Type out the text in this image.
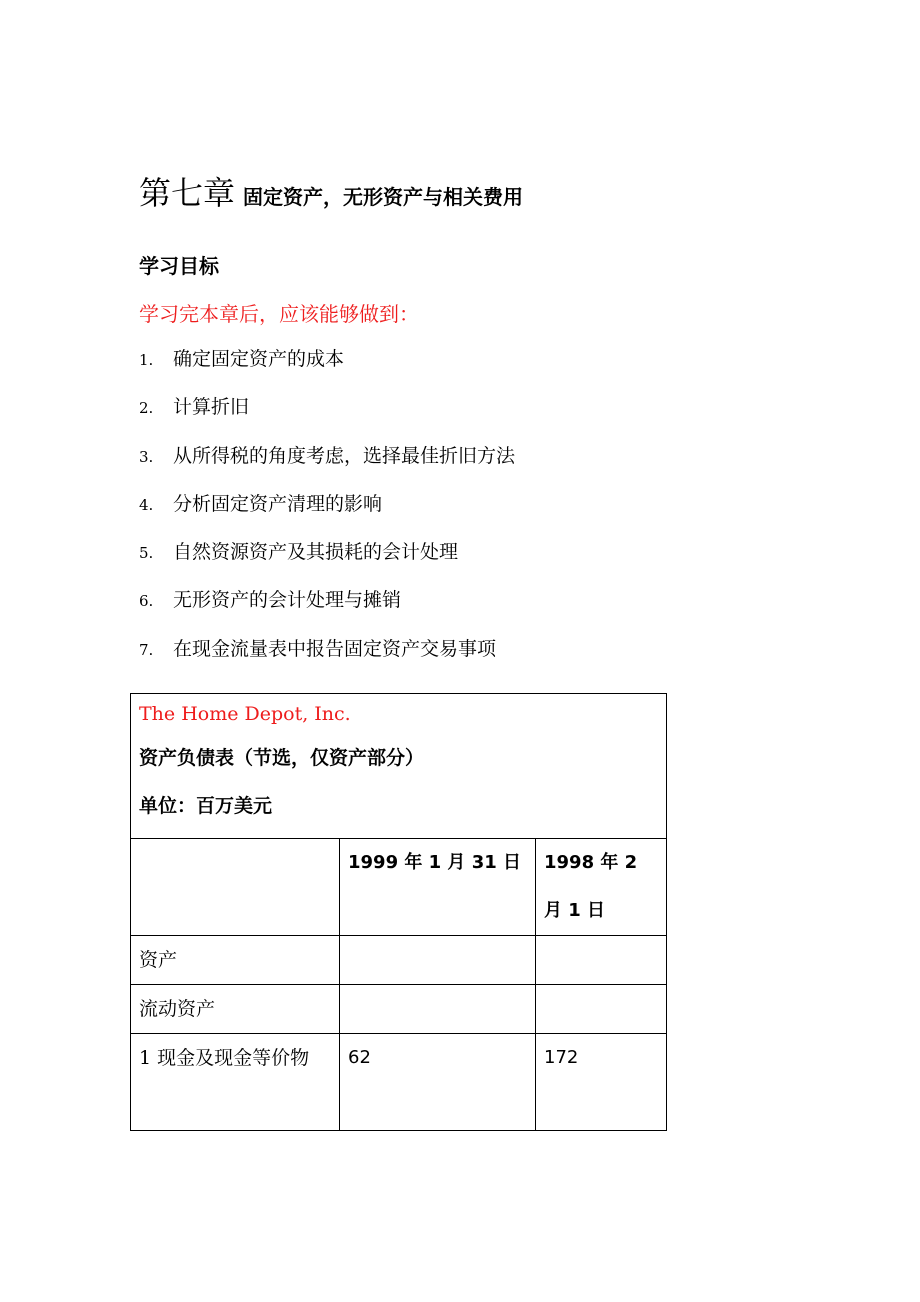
第七章 固定资产，无形资产与相关费用
学习目标
学习完本章后，应该能够做到：
1. 确定固定资产的成本
2. 计算折旧
3. 从所得税的角度考虑，选择最佳折旧方法
4. 分析固定资产清理的影响
5. 自然资源资产及其损耗的会计处理
6. 无形资产的会计处理与摊销
7. 在现金流量表中报告固定资产交易事项
The Home Depot, Inc.
资产负债表（节选，仅资产部分）
单位：百万美元		

	1999 年 1 月 31 日	1998 年 2 月 1 日
资产		
流动资产		
1 现金及现金等价物	62	172
